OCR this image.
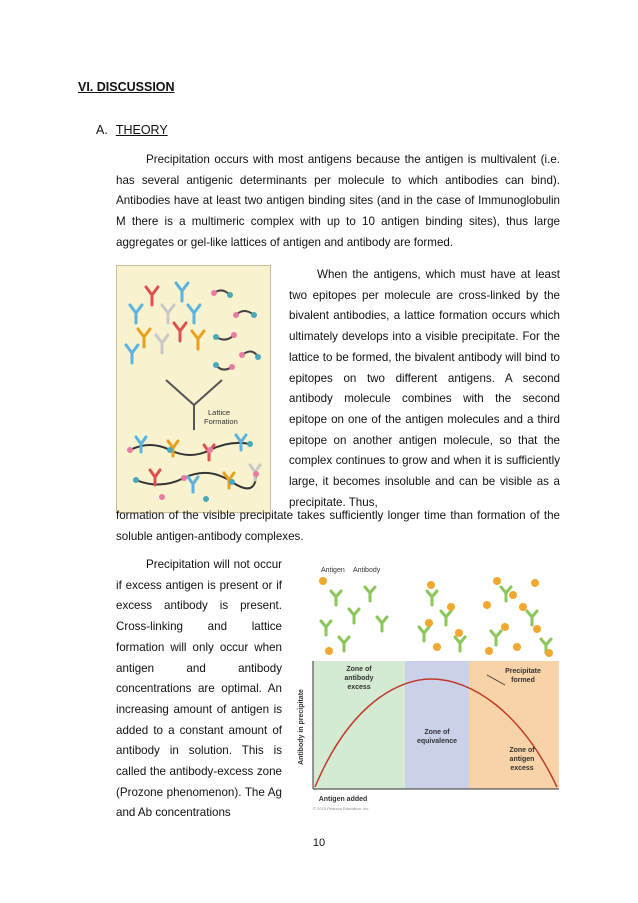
VI. DISCUSSION
A. THEORY
Precipitation occurs with most antigens because the antigen is multivalent (i.e. has several antigenic determinants per molecule to which antibodies can bind). Antibodies have at least two antigen binding sites (and in the case of Immunoglobulin M there is a multimeric complex with up to 10 antigen binding sites), thus large aggregates or gel-like lattices of antigen and antibody are formed.
Lattice
Formation
When the antigens, which must have at least two epitopes per molecule are cross-linked by the bivalent antibodies, a lattice formation occurs which ultimately develops into a visible precipitate. For the lattice to be formed, the bivalent antibody will bind to epitopes on two different antigens. A second antibody molecule combines with the second epitope on one of the antigen molecules and a third epitope on another antigen molecule, so that the complex continues to grow and when it is sufficiently large, it becomes insoluble and can be visible as a precipitate. Thus,
formation of the visible precipitate takes sufficiently longer time than formation of the soluble antigen-antibody complexes.
Precipitation will not occur if excess antigen is present or if excess antibody is present. Cross-linking and lattice formation will only occur when antigen and antibody concentrations are optimal. An increasing amount of antigen is added to a constant amount of antibody in solution. This is called the antibody-excess zone (Prozone phenomenon). The Ag and Ab concentrations
Antigen Antibody
Zone of
antibody
excess
Zone of
equivalence
Zone of
antigen
excess
Precipitate
formed
Antibody in precipitate
Antigen added
© 2013 Pearson Education, Inc.
10
